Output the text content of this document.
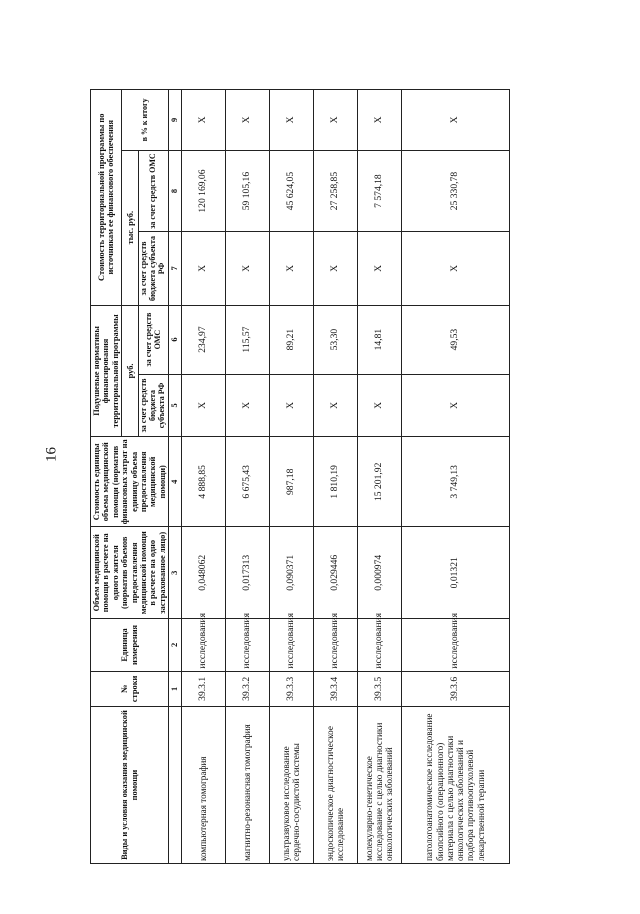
16
Виды и условия оказания медицинской помощи	№ строки	Единица измерения	Объем медицинской помощи в расчете на одного жителя (норматив объемов предоставления медицинской помощи в расчете на одно застрахованное лицо)	Стоимость единицы объема медицинской помощи (норматив финансовых затрат на единицу объема предоставления медицинской помощи)	Подушевые нормативы финансирования территориальной программы		Стоимость территориальной программы по источникам ее финансового обеспечения		
					руб.		тыс. руб.		в % к итогу
					за счет средств бюджета субъекта РФ	за счет средств ОМС	за счет средств бюджета субъекта РФ	за счет средств ОМС	
	1	2	3	4	5	6	7	8	9
компьютерная томография	39.3.1	исследования	0,048062	4 888,85	Х	234,97	Х	120 169,06	Х
магнитно-резонансная томография	39.3.2	исследования	0,017313	6 675,43	Х	115,57	Х	59 105,16	Х
ультразвуковое исследование сердечно-сосудистой системы	39.3.3	исследования	0,090371	987,18	Х	89,21	Х	45 624,05	Х
эндоскопическое диагностическое исследование	39.3.4	исследования	0,029446	1 810,19	Х	53,30	Х	27 258,85	Х
молекулярно-генетическое исследование с целью диагностики онкологических заболеваний	39.3.5	исследования	0,000974	15 201,92	Х	14,81	Х	7 574,18	Х
патологоанатомическое исследование биопсийного (операционного) материала с целью диагностики онкологических заболеваний и подбора противоопухолевой лекарственной терапии	39.3.6	исследования	0,01321	3 749,13	Х	49,53	Х	25 330,78	Х
